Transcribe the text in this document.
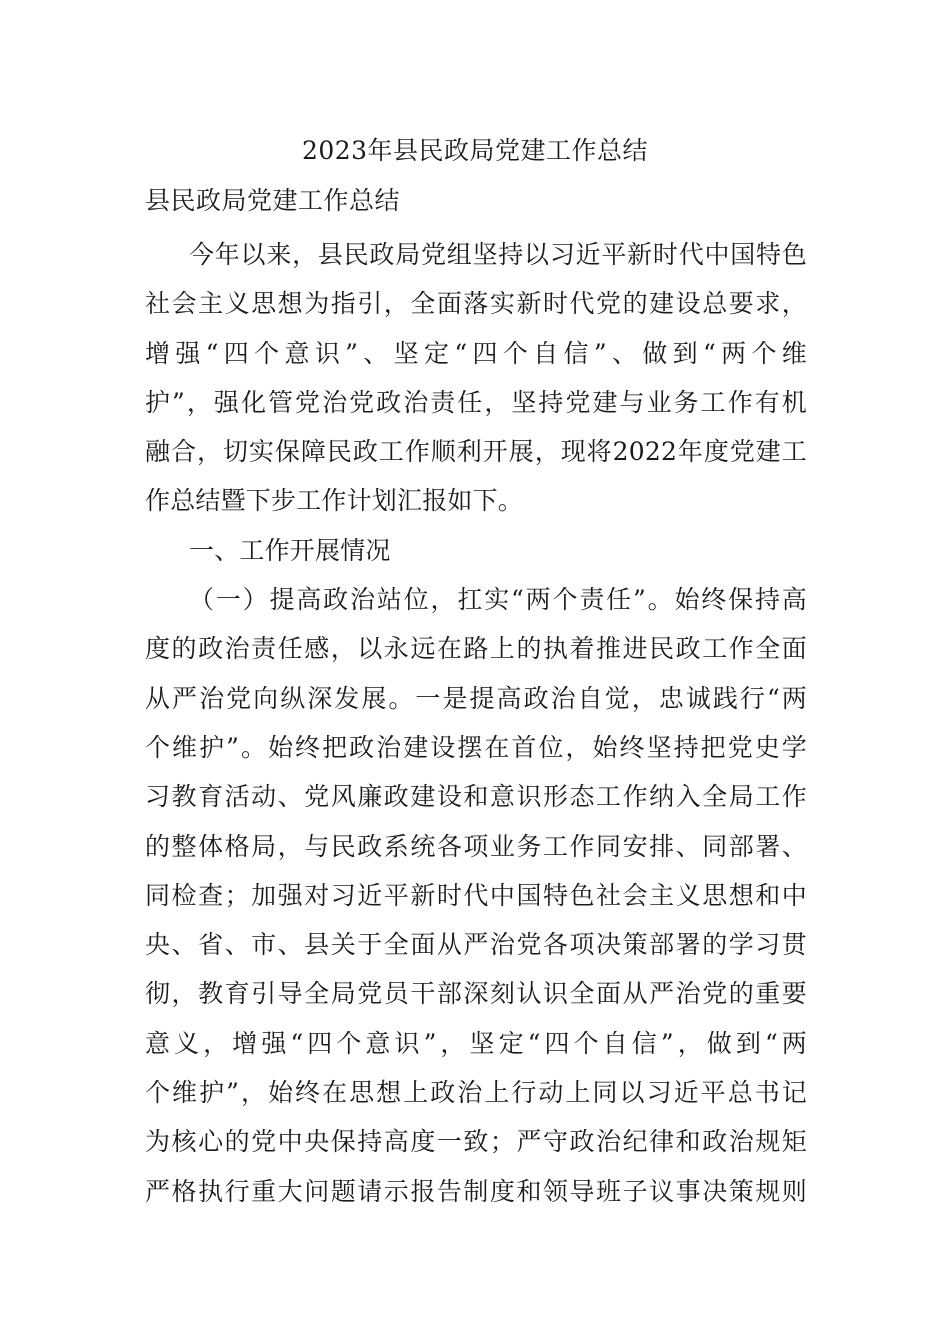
2023年县民政局党建工作总结
县民政局党建工作总结
今年以来，县民政局党组坚持以习近平新时代中国特色
社会主义思想为指引，全面落实新时代党的建设总要求，
增强“四个意识”、坚定“四个自信”、做到“两个维
护”，强化管党治党政治责任，坚持党建与业务工作有机
融合，切实保障民政工作顺利开展，现将2022年度党建工
作总结暨下步工作计划汇报如下。
一、工作开展情况
（一）提高政治站位，扛实“两个责任”。始终保持高
度的政治责任感，以永远在路上的执着推进民政工作全面
从严治党向纵深发展。一是提高政治自觉，忠诚践行“两
个维护”。始终把政治建设摆在首位，始终坚持把党史学
习教育活动、党风廉政建设和意识形态工作纳入全局工作
的整体格局，与民政系统各项业务工作同安排、同部署、
同检查；加强对习近平新时代中国特色社会主义思想和中
央、省、市、县关于全面从严治党各项决策部署的学习贯
彻，教育引导全局党员干部深刻认识全面从严治党的重要
意义，增强“四个意识”，坚定“四个自信”，做到“两
个维护”，始终在思想上政治上行动上同以习近平总书记
为核心的党中央保持高度一致；严守政治纪律和政治规矩
严格执行重大问题请示报告制度和领导班子议事决策规则
